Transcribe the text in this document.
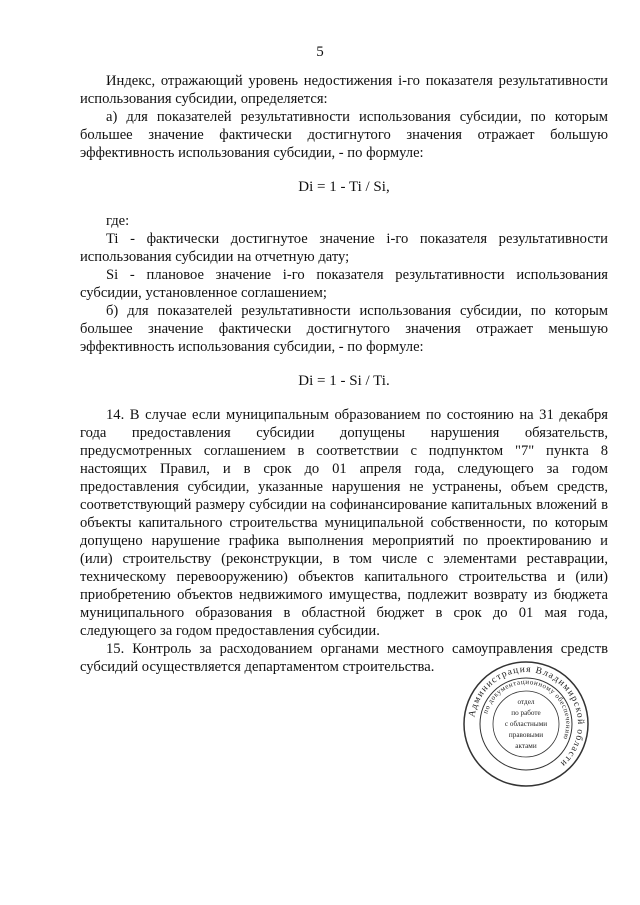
5

Индекс, отражающий уровень недостижения i-го показателя результативности использования субсидии, определяется:

а) для показателей результативности использования субсидии, по которым большее значение фактически достигнутого значения отражает большую эффективность использования субсидии, - по формуле:

Di = 1 - Ti / Si,

где:

Ti - фактически достигнутое значение i-го показателя результативности использования субсидии на отчетную дату;

Si - плановое значение i-го показателя результативности использования субсидии, установленное соглашением;

б) для показателей результативности использования субсидии, по которым большее значение фактически достигнутого значения отражает меньшую эффективность использования субсидии, - по формуле:

Di = 1 - Si / Ti.

14. В случае если муниципальным образованием по состоянию на 31 декабря года предоставления субсидии допущены нарушения обязательств, предусмотренных соглашением в соответствии с подпунктом "7" пункта 8 настоящих Правил, и в срок до 01 апреля года, следующего за годом предоставления субсидии, указанные нарушения не устранены, объем средств, соответствующий размеру субсидии на софинансирование капитальных вложений в объекты капитального строительства муниципальной собственности, по которым допущено нарушение графика выполнения мероприятий по проектированию и (или) строительству (реконструкции, в том числе с элементами реставрации, техническому перевооружению) объектов капитального строительства и (или) приобретению объектов недвижимого имущества, подлежит возврату из бюджета муниципального образования в областной бюджет в срок до 01 мая года, следующего за годом предоставления субсидии.

15. Контроль за расходованием органами местного самоуправления средств субсидий осуществляется департаментом строительства.

Администрация Владимирской области
по документационному обеспечению
отдел
по работе
с областными
правовыми
актами
